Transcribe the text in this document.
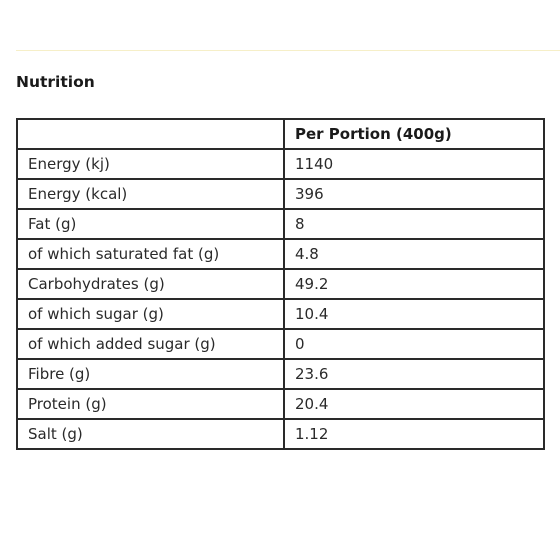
Nutrition
	Per Portion (400g)
Energy (kj)	1140
Energy (kcal)	396
Fat (g)	8
of which saturated fat (g)	4.8
Carbohydrates (g)	49.2
of which sugar (g)	10.4
of which added sugar (g)	0
Fibre (g)	23.6
Protein (g)	20.4
Salt (g)	1.12
